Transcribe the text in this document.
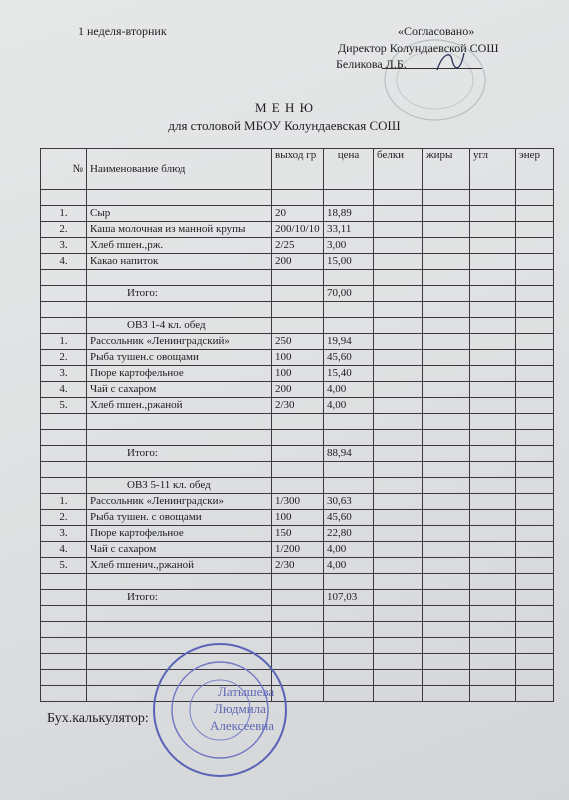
1 неделя-вторник	«Согласовано»
Директор Колундаевской СОШ
Беликова Л.Б.
М Е Н Ю
для столовой МБОУ Колундаевская СОШ
№	Наименование блюд	выход гр	цена	белки	жиры	угл	энер

1.	Сыр	20	18,89				
2.	Каша молочная из манной крупы	200/10/10	33,11				
3.	Хлеб пшен.,рж.	2/25	3,00				
4.	Какао напиток	200	15,00				

	Итого:		70,00				

	ОВЗ 1-4 кл. обед						
1.	Рассольник «Ленинградский»	250	19,94				
2.	Рыба тушен.с овощами	100	45,60				
3.	Пюре картофельное	100	15,40				
4.	Чай с сахаром	200	4,00				
5.	Хлеб пшен.,ржаной	2/30	4,00				

	Итого:		88,94				

	ОВЗ 5-11 кл. обед						
1.	Рассольник «Ленинградски»	1/300	30,63				
2.	Рыба тушен. с овощами	100	45,60				
3.	Пюре картофельное	150	22,80				
4.	Чай с сахаром	1/200	4,00				
5.	Хлеб пшенич.,ржаной	2/30	4,00				

	Итого:		107,03				

Бух.калькулятор:
Латышева
Людмила
Алексеевна
